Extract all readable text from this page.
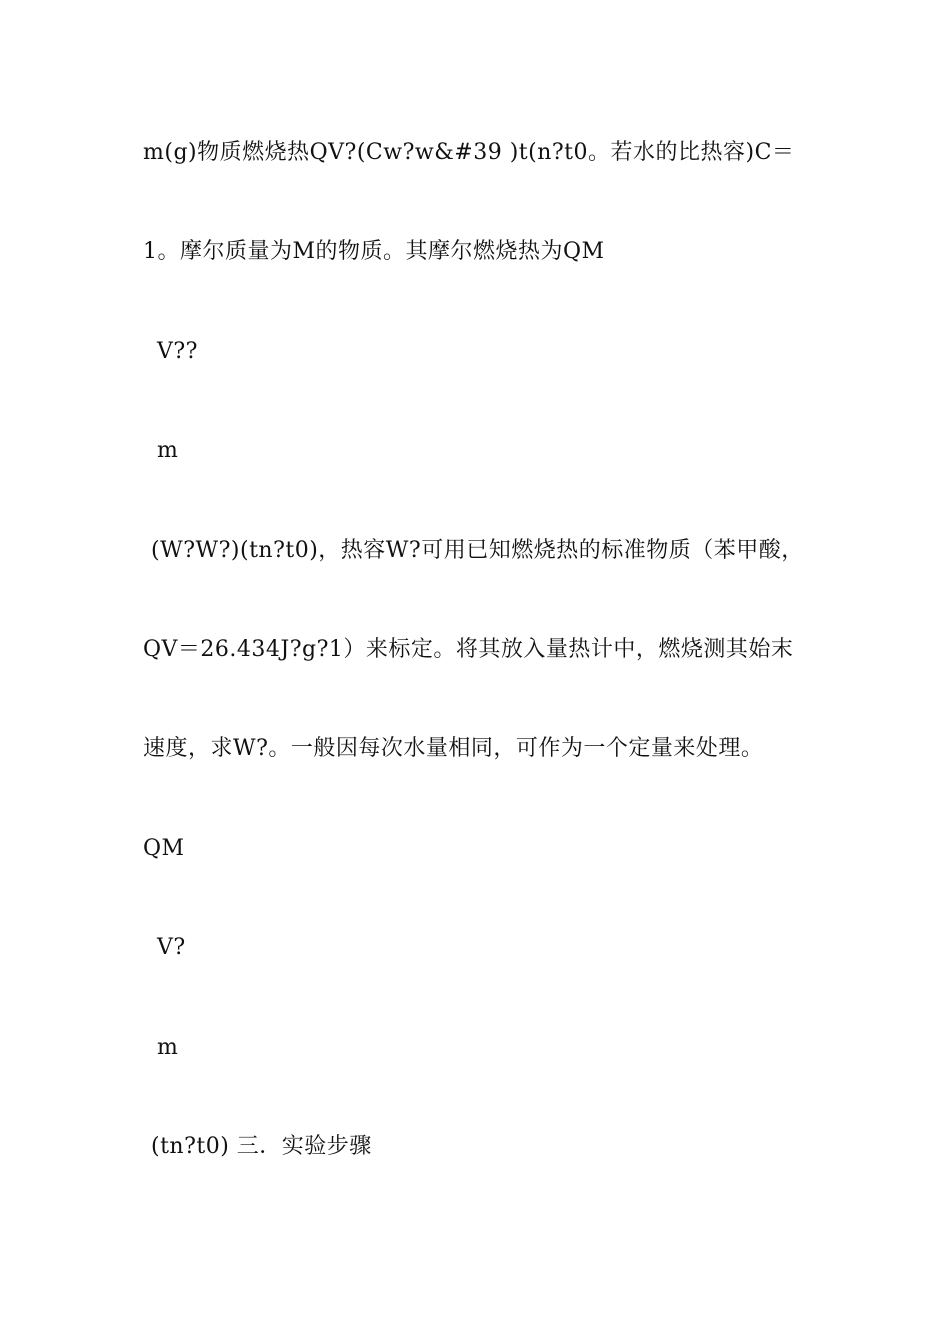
m(g)物质燃烧热QV?(Cw?w&#39 )t(n?t0。若水的比热容)C＝
1。摩尔质量为M的物质。其摩尔燃烧热为QM
V??
m
(W?W?)(tn?t0)，热容W?可用已知燃烧热的标准物质（苯甲酸，
QV＝26.434J?g?1）来标定。将其放入量热计中，燃烧测其始末
速度，求W?。一般因每次水量相同，可作为一个定量来处理。
QM
V?
m
(tn?t0) 三．实验步骤
